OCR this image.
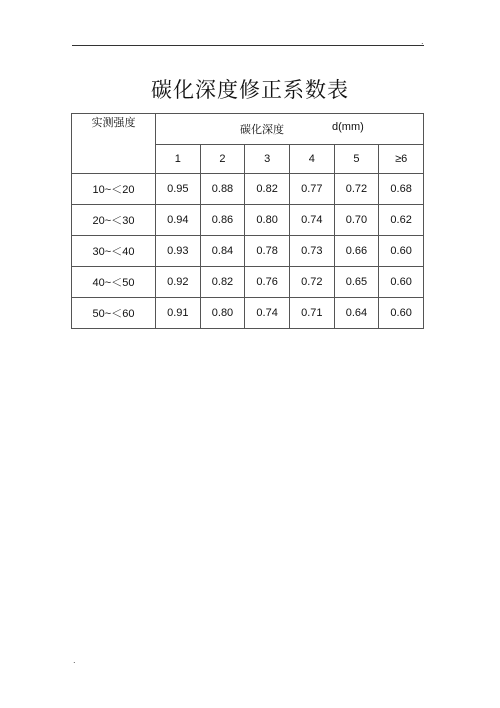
.
碳化深度修正系数表
实测强度	碳化深度 d(mm)					

	1	2	3	4	5	≥6
10~＜20	0.95	0.88	0.82	0.77	0.72	0.68
20~＜30	0.94	0.86	0.80	0.74	0.70	0.62
30~＜40	0.93	0.84	0.78	0.73	0.66	0.60
40~＜50	0.92	0.82	0.76	0.72	0.65	0.60
50~＜60	0.91	0.80	0.74	0.71	0.64	0.60
.
